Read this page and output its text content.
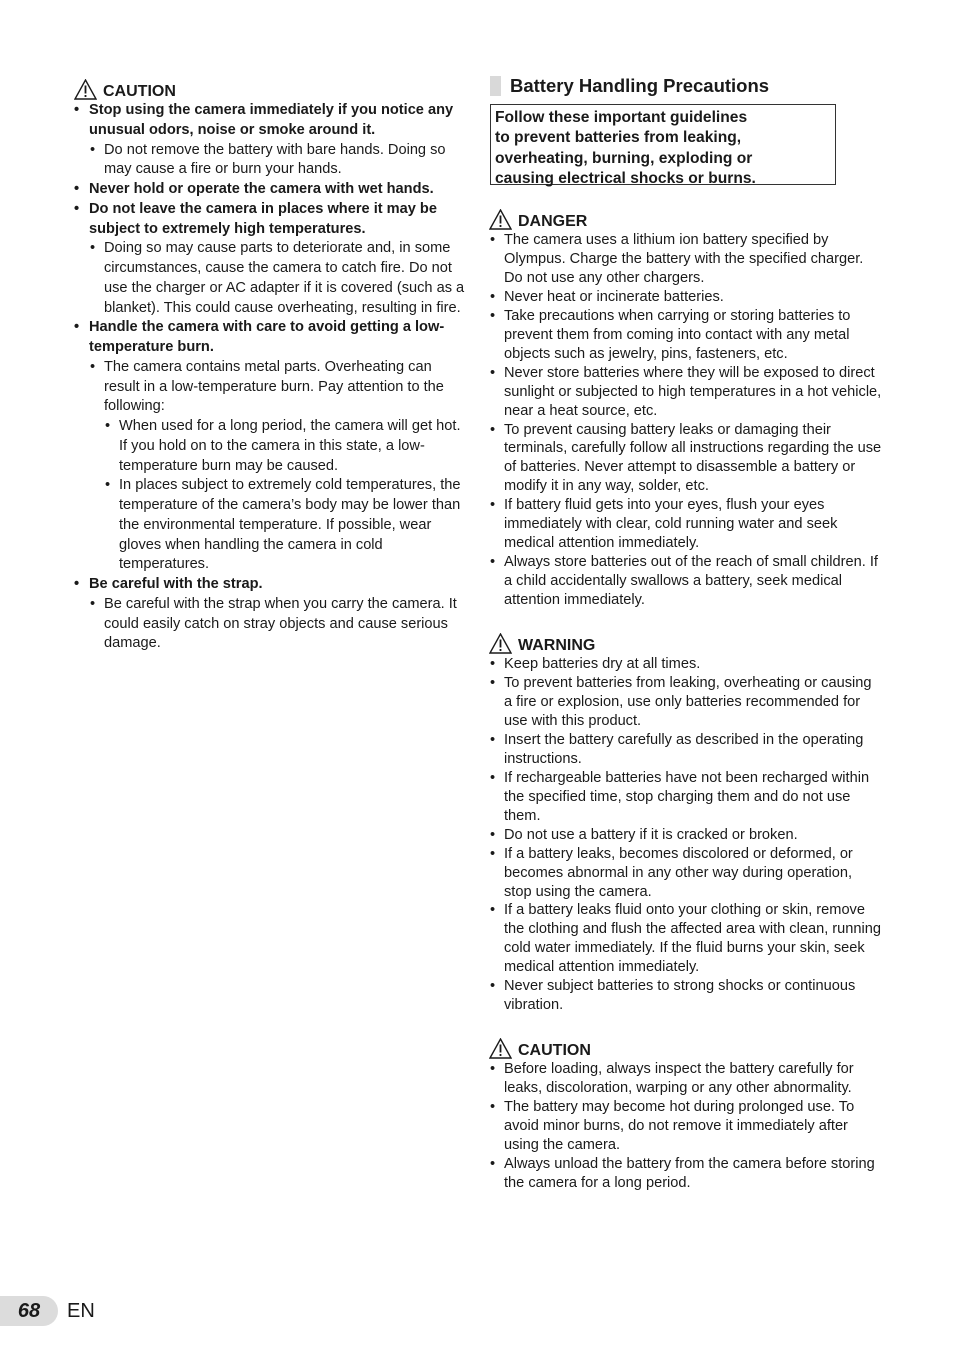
CAUTION
• Stop using the camera immediately if you notice any unusual odors, noise or smoke around it.
• Do not remove the battery with bare hands. Doing so may cause a fire or burn your hands.
• Never hold or operate the camera with wet hands.
• Do not leave the camera in places where it may be subject to extremely high temperatures.
• Doing so may cause parts to deteriorate and, in some circumstances, cause the camera to catch fire. Do not use the charger or AC adapter if it is covered (such as a blanket). This could cause overheating, resulting in fire.
• Handle the camera with care to avoid getting a low-temperature burn.
• The camera contains metal parts. Overheating can result in a low-temperature burn. Pay attention to the following:
• When used for a long period, the camera will get hot. If you hold on to the camera in this state, a low-temperature burn may be caused.
• In places subject to extremely cold temperatures, the temperature of the camera’s body may be lower than the environmental temperature. If possible, wear gloves when handling the camera in cold temperatures.
• Be careful with the strap.
• Be careful with the strap when you carry the camera. It could easily catch on stray objects and cause serious damage.
Battery Handling Precautions
Follow these important guidelines
to prevent batteries from leaking,
overheating, burning, exploding or
causing electrical shocks or burns.
DANGER
• The camera uses a lithium ion battery specified by Olympus. Charge the battery with the specified charger. Do not use any other chargers.
• Never heat or incinerate batteries.
• Take precautions when carrying or storing batteries to prevent them from coming into contact with any metal objects such as jewelry, pins, fasteners, etc.
• Never store batteries where they will be exposed to direct sunlight or subjected to high temperatures in a hot vehicle, near a heat source, etc.
• To prevent causing battery leaks or damaging their terminals, carefully follow all instructions regarding the use of batteries. Never attempt to disassemble a battery or modify it in any way, solder, etc.
• If battery fluid gets into your eyes, flush your eyes immediately with clear, cold running water and seek medical attention immediately.
• Always store batteries out of the reach of small children. If a child accidentally swallows a battery, seek medical attention immediately.
WARNING
• Keep batteries dry at all times.
• To prevent batteries from leaking, overheating or causing a fire or explosion, use only batteries recommended for use with this product.
• Insert the battery carefully as described in the operating instructions.
• If rechargeable batteries have not been recharged within the specified time, stop charging them and do not use them.
• Do not use a battery if it is cracked or broken.
• If a battery leaks, becomes discolored or deformed, or becomes abnormal in any other way during operation, stop using the camera.
• If a battery leaks fluid onto your clothing or skin, remove the clothing and flush the affected area with clean, running cold water immediately. If the fluid burns your skin, seek medical attention immediately.
• Never subject batteries to strong shocks or continuous vibration.
CAUTION
• Before loading, always inspect the battery carefully for leaks, discoloration, warping or any other abnormality.
• The battery may become hot during prolonged use. To avoid minor burns, do not remove it immediately after using the camera.
• Always unload the battery from the camera before storing the camera for a long period.
68 EN
